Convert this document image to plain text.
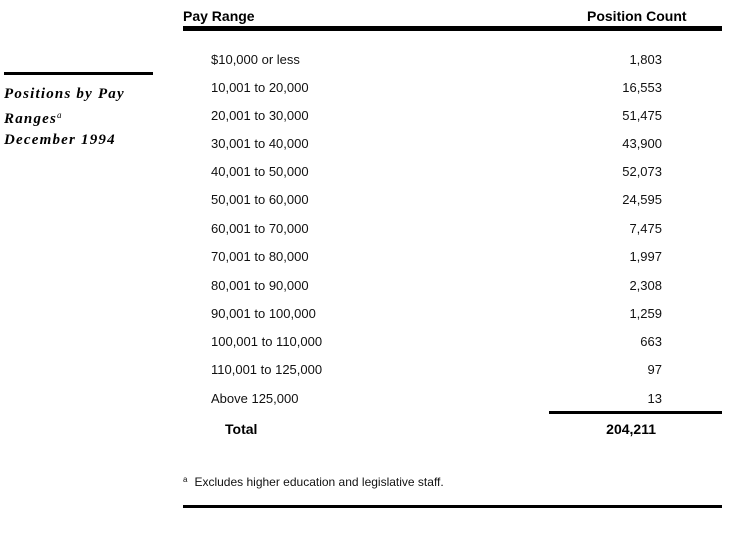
Pay Range	Position Count
Positions by Pay
Ranges$^a$
December 1994
$10,000 or less	1,803
10,001 to 20,000	16,553
20,001 to 30,000	51,475
30,001 to 40,000	43,900
40,001 to 50,000	52,073
50,001 to 60,000	24,595
60,001 to 70,000	7,475
70,001 to 80,000	1,997
80,001 to 90,000	2,308
90,001 to 100,000	1,259
100,001 to 110,000	663
110,001 to 125,000	97
Above 125,000	13
Total	204,211
$^a$ Excludes higher education and legislative staff.
